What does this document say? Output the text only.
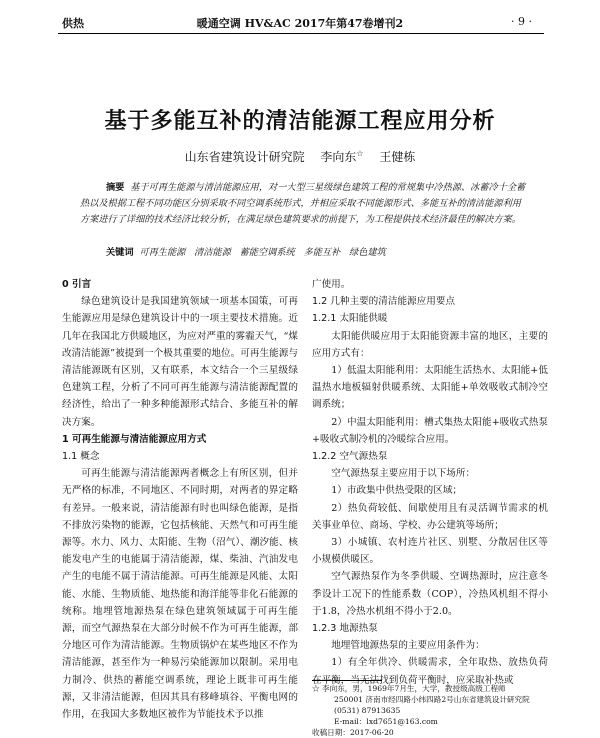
供热	暖通空调 HV&AC 2017年第47卷增刊2	· 9 ·
基于多能互补的清洁能源工程应用分析
山东省建筑设计研究院 李向东☆ 王健栋
摘要 基于可再生能源与清洁能源应用，对一大型三星级绿色建筑工程的常规集中冷热源、冰蓄冷十全蓄热以及根据工程不同功能区分别采取不同空调系统形式，并相应采取不同能源形式、多能互补的清洁能源利用方案进行了详细的技术经济比较分析，在满足绿色建筑要求的前提下，为工程提供技术经济最佳的解决方案。
关键词 可再生能源   清洁能源   蓄能空调系统   多能互补   绿色建筑
0 引言

绿色建筑设计是我国建筑领域一项基本国策，可再生能源应用是绿色建筑设计中的一项主要技术措施。近几年在我国北方供暖地区，为应对严重的雾霾天气，“煤改清洁能源”被提到一个极其重要的地位。可再生能源与清洁能源既有区别，又有联系，本文结合一个三星级绿色建筑工程，分析了不同可再生能源与清洁能源配置的经济性，给出了一种多种能源形式结合、多能互补的解决方案。

1 可再生能源与清洁能源应用方式

1.1 概念

可再生能源与清洁能源两者概念上有所区别，但并无严格的标准，不同地区、不同时期，对两者的界定略有差异。一般来说，清洁能源有时也叫绿色能源，是指不排放污染物的能源，它包括核能、天然气和可再生能源等。水力、风力、太阳能、生物（沼气）、潮汐能、核能发电产生的电能属于清洁能源，煤、柴油、汽油发电产生的电能不属于清洁能源。可再生能源是风能、太阳能、水能、生物质能、地热能和海洋能等非化石能源的统称。地埋管地源热泵在绿色建筑领域属于可再生能源，而空气源热泵在大部分时候不作为可再生能源，部分地区可作为清洁能源。生物质锅炉在某些地区不作为清洁能源，甚至作为一种易污染能源加以限制。采用电力制冷、供热的蓄能空调系统，理论上既非可再生能源，又非清洁能源，但因其具有移峰填谷、平衡电网的作用，在我国大多数地区被作为节能技术予以推

广使用。

1.2 几种主要的清洁能源应用要点

1.2.1 太阳能供暖

太阳能供暖应用于太阳能资源丰富的地区，主要的应用方式有：

1）低温太阳能利用：太阳能生活热水、太阳能+低温热水地板辐射供暖系统、太阳能+单效吸收式制冷空调系统；

2）中温太阳能利用：槽式集热太阳能+吸收式热泵+吸收式制冷机的冷暖综合应用。

1.2.2 空气源热泵

空气源热泵主要应用于以下场所：

1）市政集中供热受限的区域；

2）热负荷较低、间歇使用且有灵活调节需求的机关事业单位、商场、学校、办公建筑等场所；

3）小城镇、农村连片社区、别墅、分散居住区等小规模供暖区。

空气源热泵作为冬季供暖、空调热源时，应注意冬季设计工况下的性能系数（COP），冷热风机组不得小于1.8，冷热水机组不得小于2.0。

1.2.3 地源热泵

地埋管地源热泵的主要应用条件为：

1）有全年供冷、供暖需求，全年取热、放热负荷在平衡，当无法找到负荷平衡时，应采取补热或

☆ 李向东，男，1969年7月生，大学，教授级高级工程师
250001 济南市经四路小纬四路2号山东省建筑设计研究院
(0531) 87913635
E-mail：lxd7651@163.com
收稿日期：2017-06-20
